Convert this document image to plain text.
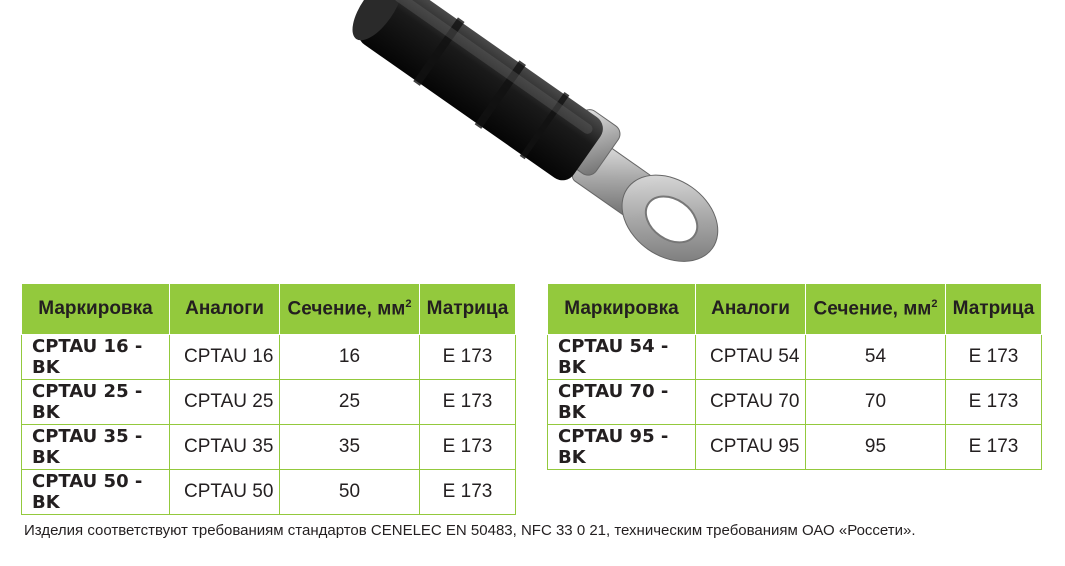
Маркировка	Аналоги	Сечение, $мм^2$	Матрица
CPTAU 16 - BK	CPTAU 16	16	E 173
CPTAU 25 - BK	CPTAU 25	25	E 173
CPTAU 35 - BK	CPTAU 35	35	E 173
CPTAU 50 - BK	CPTAU 50	50	E 173
Маркировка	Аналоги	Сечение, $мм^2$	Матрица
CPTAU 54 - BK	CPTAU 54	54	E 173
CPTAU 70 - BK	CPTAU 70	70	E 173
CPTAU 95 - BK	CPTAU 95	95	E 173
Изделия соответствуют требованиям стандартов CENELEC EN 50483, NFC 33 0 21, техническим требованиям ОАО «Россети».
